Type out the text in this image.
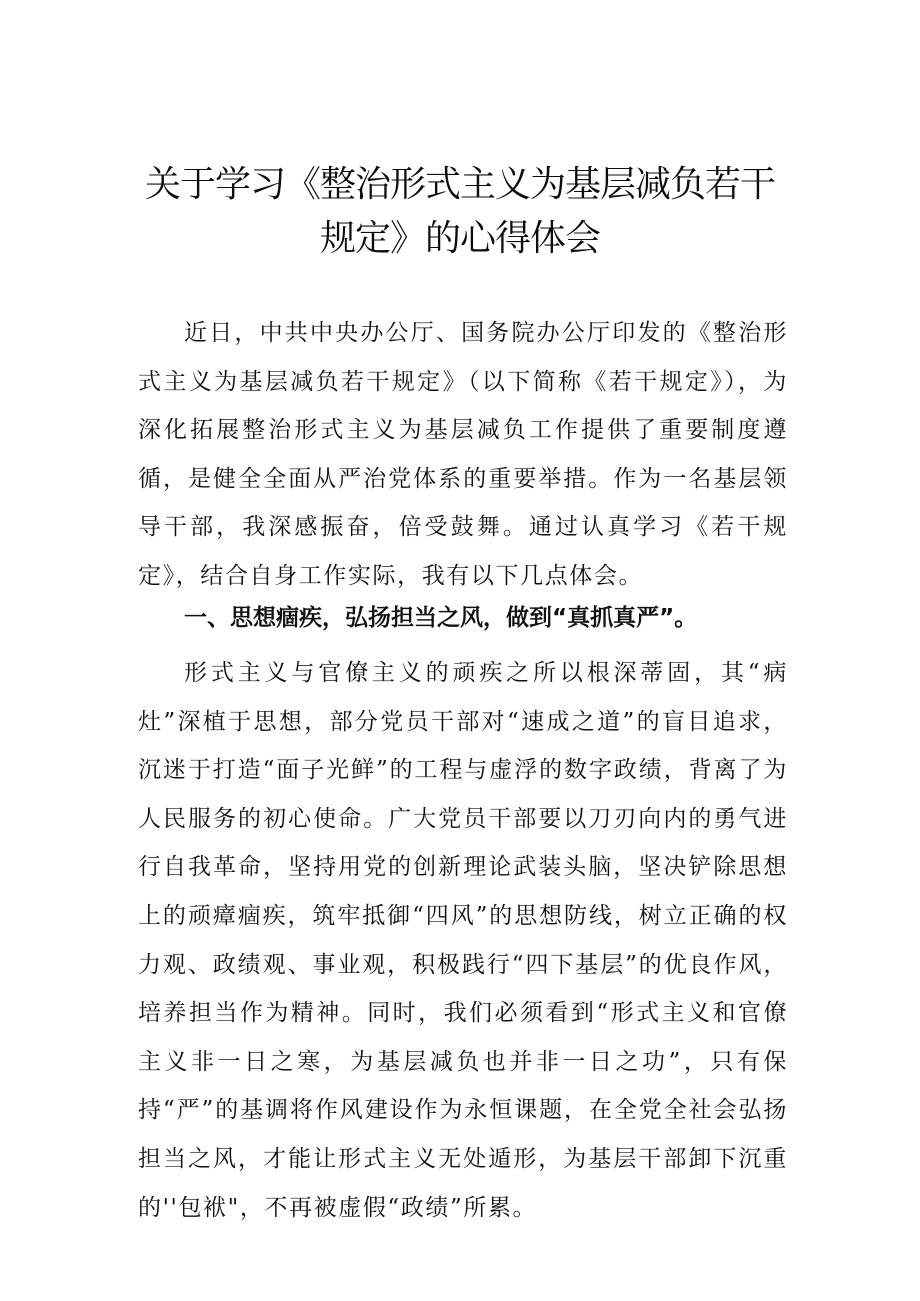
关于学习《整治形式主义为基层减负若干
规定》的心得体会

近日，中共中央办公厅、国务院办公厅印发的《整治形式主义为基层减负若干规定》（以下简称《若干规定》），为深化拓展整治形式主义为基层减负工作提供了重要制度遵循，是健全全面从严治党体系的重要举措。作为一名基层领导干部，我深感振奋，倍受鼓舞。通过认真学习《若干规定》，结合自身工作实际，我有以下几点体会。

一、思想痼疾，弘扬担当之风，做到“真抓真严”。

形式主义与官僚主义的顽疾之所以根深蒂固，其“病灶”深植于思想，部分党员干部对“速成之道”的盲目追求，沉迷于打造“面子光鲜”的工程与虚浮的数字政绩，背离了为人民服务的初心使命。广大党员干部要以刀刃向内的勇气进行自我革命，坚持用党的创新理论武装头脑，坚决铲除思想上的顽瘴痼疾，筑牢抵御“四风”的思想防线，树立正确的权力观、政绩观、事业观，积极践行“四下基层”的优良作风，培养担当作为精神。同时，我们必须看到“形式主义和官僚主义非一日之寒，为基层减负也并非一日之功”，只有保持“严”的基调将作风建设作为永恒课题，在全党全社会弘扬担当之风，才能让形式主义无处遁形，为基层干部卸下沉重的''包袱"，不再被虚假“政绩”所累。
